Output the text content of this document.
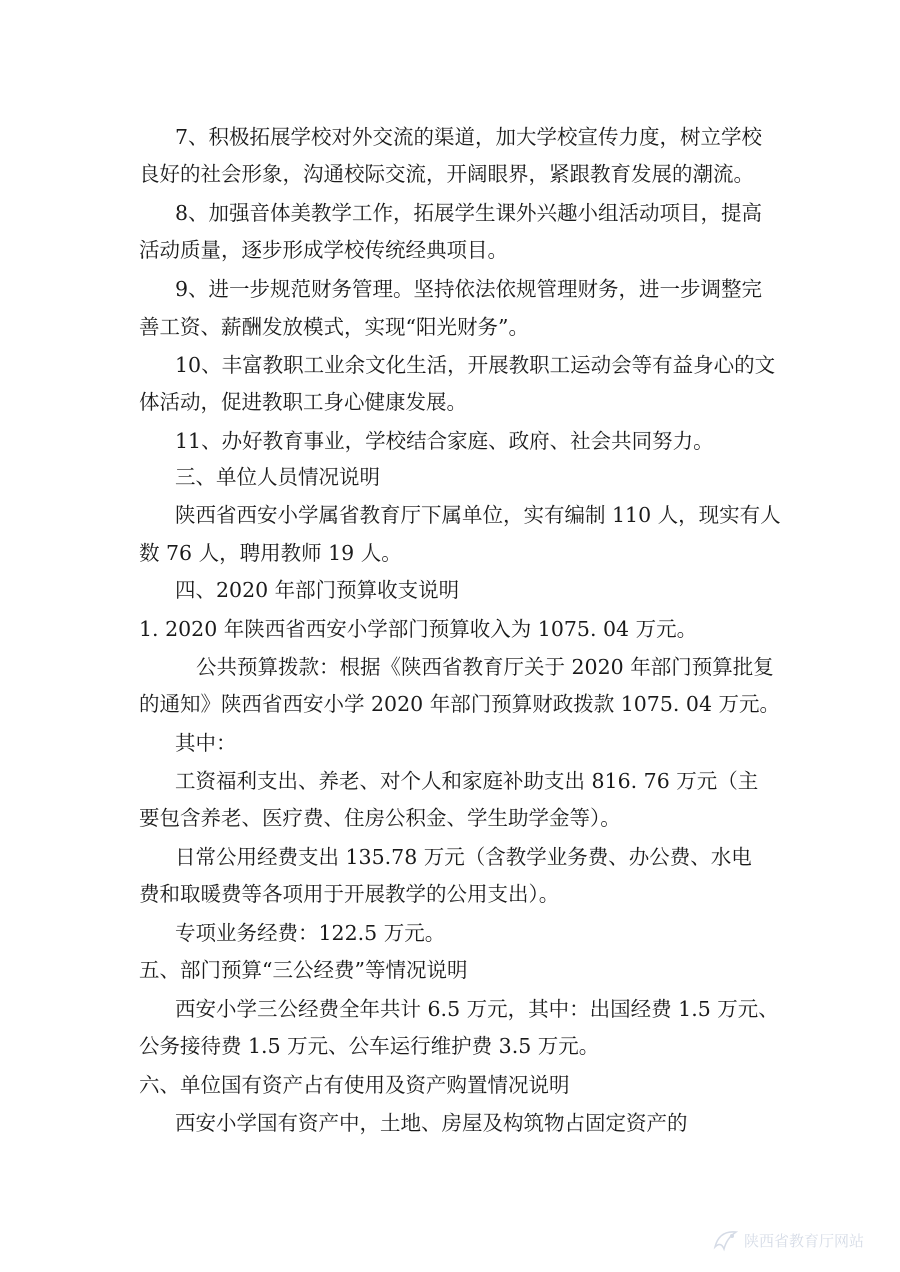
7、积极拓展学校对外交流的渠道，加大学校宣传力度，树立学校
良好的社会形象，沟通校际交流，开阔眼界，紧跟教育发展的潮流。
8、加强音体美教学工作，拓展学生课外兴趣小组活动项目，提高
活动质量，逐步形成学校传统经典项目。
9、进一步规范财务管理。坚持依法依规管理财务，进一步调整完
善工资、薪酬发放模式，实现“阳光财务”。
10、丰富教职工业余文化生活，开展教职工运动会等有益身心的文
体活动，促进教职工身心健康发展。
11、办好教育事业，学校结合家庭、政府、社会共同努力。
三、单位人员情况说明
陕西省西安小学属省教育厅下属单位，实有编制 110 人，现实有人
数 76 人，聘用教师 19 人。
四、2020 年部门预算收支说明
1. 2020 年陕西省西安小学部门预算收入为 1075. 04 万元。
公共预算拨款：根据《陕西省教育厅关于 2020 年部门预算批复
的通知》陕西省西安小学 2020 年部门预算财政拨款 1075. 04 万元。
其中：
工资福利支出、养老、对个人和家庭补助支出 816. 76 万元（主
要包含养老、医疗费、住房公积金、学生助学金等）。
日常公用经费支出 135.78 万元（含教学业务费、办公费、水电
费和取暖费等各项用于开展教学的公用支出）。
专项业务经费：122.5 万元。
五、部门预算“三公经费”等情况说明
西安小学三公经费全年共计 6.5 万元，其中：出国经费 1.5 万元、
公务接待费 1.5 万元、公车运行维护费 3.5 万元。
六、单位国有资产占有使用及资产购置情况说明
西安小学国有资产中，土地、房屋及构筑物占固定资产的
陕西省教育厅网站
